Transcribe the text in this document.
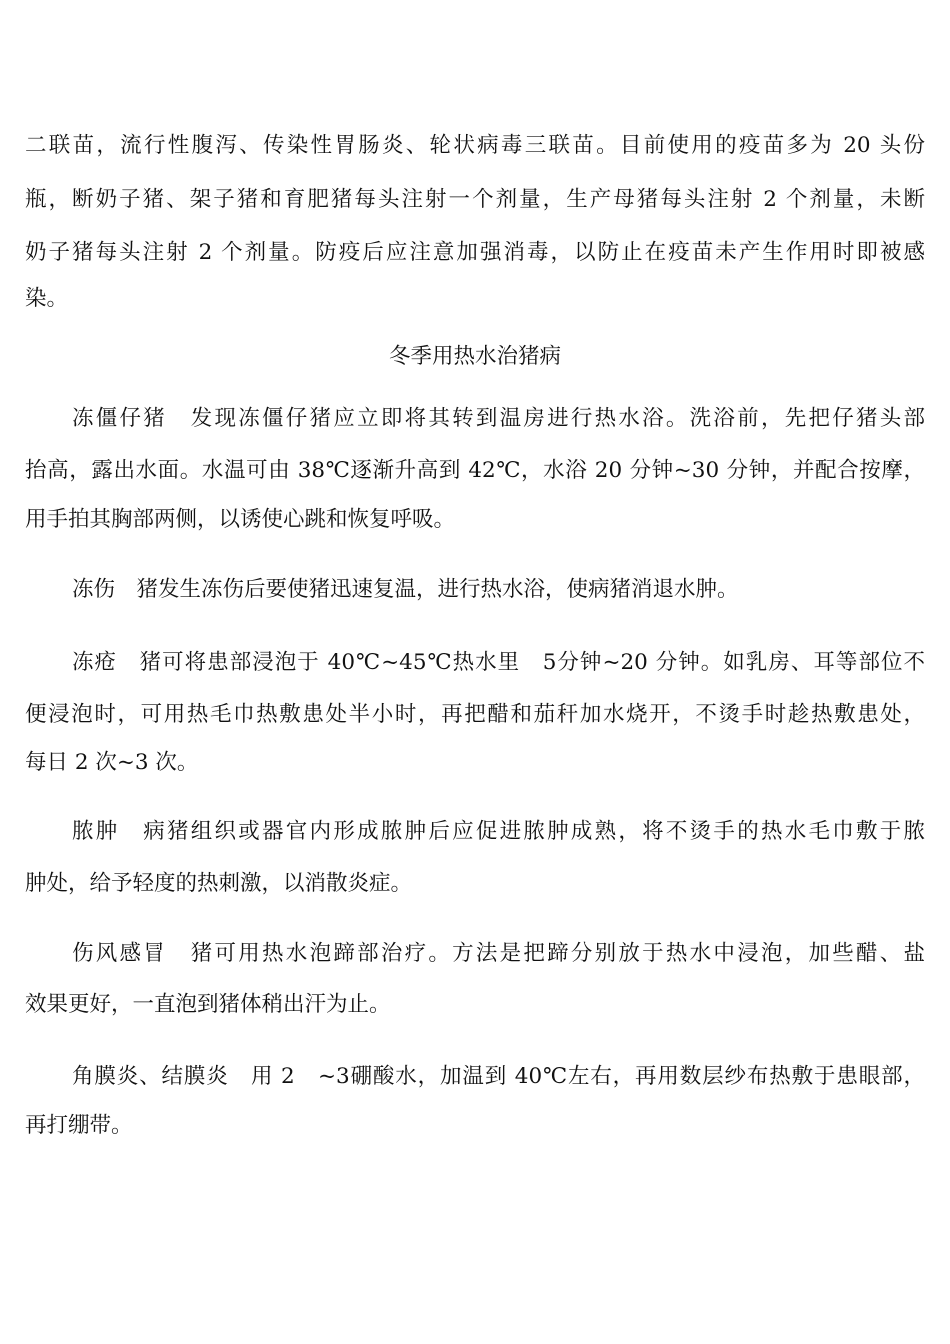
二联苗，流行性腹泻、传染性胃肠炎、轮状病毒三联苗。目前使用的疫苗多为 20 头份
瓶，断奶子猪、架子猪和育肥猪每头注射一个剂量，生产母猪每头注射 2 个剂量，未断
奶子猪每头注射 2 个剂量。防疫后应注意加强消毒，以防止在疫苗未产生作用时即被感
染。
冬季用热水治猪病
冻僵仔猪　发现冻僵仔猪应立即将其转到温房进行热水浴。洗浴前，先把仔猪头部
抬高，露出水面。水温可由 38℃逐渐升高到 42℃，水浴 20 分钟~30 分钟，并配合按摩，
用手拍其胸部两侧，以诱使心跳和恢复呼吸。
冻伤　猪发生冻伤后要使猪迅速复温，进行热水浴，使病猪消退水肿。
冻疮　猪可将患部浸泡于 40℃~45℃热水里　5分钟~20 分钟。如乳房、耳等部位不
便浸泡时，可用热毛巾热敷患处半小时，再把醋和茄秆加水烧开，不烫手时趁热敷患处，
每日 2 次~3 次。
脓肿　病猪组织或器官内形成脓肿后应促进脓肿成熟，将不烫手的热水毛巾敷于脓
肿处，给予轻度的热刺激，以消散炎症。
伤风感冒　猪可用热水泡蹄部治疗。方法是把蹄分别放于热水中浸泡，加些醋、盐
效果更好，一直泡到猪体稍出汗为止。
角膜炎、结膜炎　用 2　~3硼酸水，加温到 40℃左右，再用数层纱布热敷于患眼部，
再打绷带。
